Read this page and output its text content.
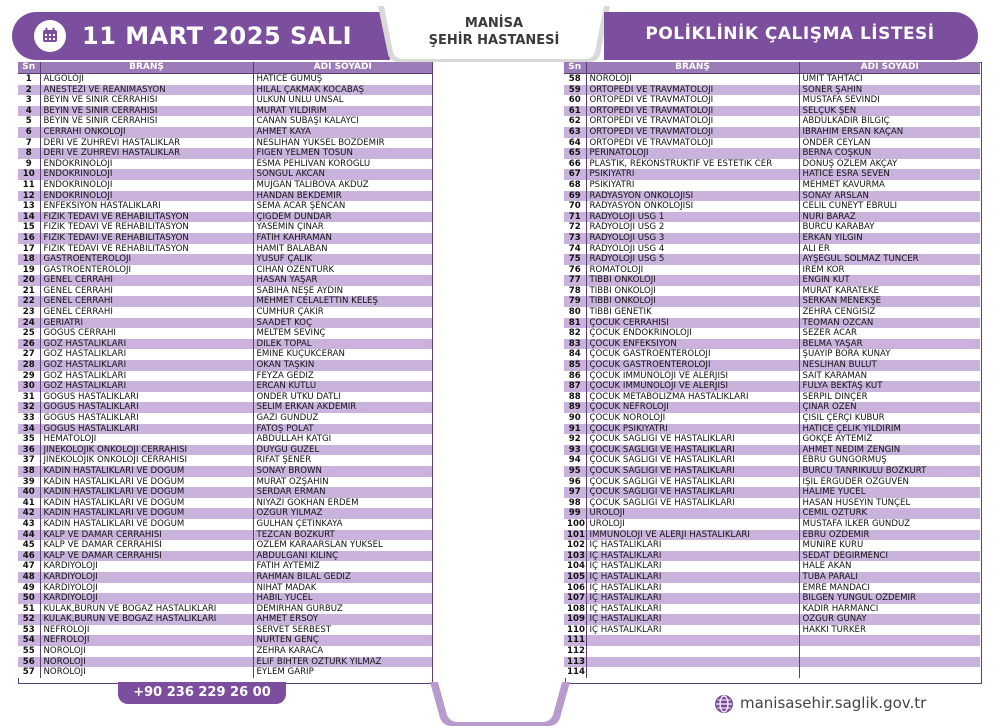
11 MART 2025 SALI	MANİSA
ŞEHİR HASTANESİ	POLİKLİNİK ÇALIŞMA LİSTESİ
Sn	BRANŞ	ADI SOYADI
1	ALGOLOJİ	HATİCE GÜMÜŞ
2	ANESTEZİ VE REANİMASYON	HİLAL ÇAKMAK KOCABAŞ
3	BEYİN VE SİNİR CERRAHİSİ	ÜLKÜN ÜNLÜ ÜNSAL
4	BEYİN VE SİNİR CERRAHİSİ	MURAT YILDIRIM
5	BEYİN VE SİNİR CERRAHİSİ	CANAN SUBAŞI KALAYCI
6	CERRAHİ ONKOLOJİ	AHMET KAYA
7	DERİ VE ZÜHREVİ HASTALIKLAR	NESLİHAN YÜKSEL BOZDEMİR
8	DERİ VE ZÜHREVİ HASTALIKLAR	FİGEN YELMEN TOSUN
9	ENDOKRİNOLOJİ	ESMA PEHLİVAN KÖROĞLU
10	ENDOKRİNOLOJİ	SONGÜL AKCAN
11	ENDOKRİNOLOJİ	MÜJGAN TALIBOVA AKDÜZ
12	ENDOKRİNOLOJİ	HANDAN BEKDEMİR
13	ENFEKSİYON HASTALIKLARI	SEMA ACAR ŞENCAN
14	FİZİK TEDAVİ VE REHABİLİTASYON	ÇİĞDEM DÜNDAR
15	FİZİK TEDAVİ VE REHABİLİTASYON	YASEMİN ÇINAR
16	FİZİK TEDAVİ VE REHABİLİTASYON	FATİH KAHRAMAN
17	FİZİK TEDAVİ VE REHABİLİTASYON	HAMİT BALABAN
18	GASTROENTEROLOJİ	YUSUF ÇALIK
19	GASTROENTEROLOJİ	CİHAN ÖZENTÜRK
20	GENEL CERRAHİ	HASAN YAŞAR
21	GENEL CERRAHİ	SABİHA NEŞE AYDIN
22	GENEL CERRAHİ	MEHMET CELALETTİN KELEŞ
23	GENEL CERRAHİ	CUMHUR ÇAKIR
24	GERİATRİ	SAADET KOÇ
25	GÖĞÜS CERRAHİ	MELTEM SEVİNÇ
26	GÖZ HASTALIKLARI	DİLEK TOPAL
27	GÖZ HASTALIKLARI	EMİNE KÜÇÜKCERAN
28	GÖZ HASTALIKLARI	OKAN TAŞKIN
29	GÖZ HASTALIKLARI	FEYZA GEDİZ
30	GÖZ HASTALIKLARI	ERCAN KUTLU
31	GÖĞÜS HASTALIKLARI	ÖNDER UTKU DATLI
32	GÖĞÜS HASTALIKLARI	SELİM ERKAN AKDEMİR
33	GÖĞÜS HASTALIKLARI	GAZİ GÜNDÜZ
34	GÖĞÜS HASTALIKLARI	FATOŞ POLAT
35	HEMATOLOJİ	ABDULLAH KATGI
36	JİNEKOLOJİK ONKOLOJİ CERRAHİSİ	DUYGU GÜZEL
37	JİNEKOLOJİK ONKOLOJİ CERRAHİSİ	RIFAT ŞENER
38	KADIN HASTALIKLARI VE DOĞUM	SONAY BROWN
39	KADIN HASTALIKLARI VE DOĞUM	MURAT ÖZŞAHİN
40	KADIN HASTALIKLARI VE DOĞUM	SERDAR ERMAN
41	KADIN HASTALIKLARI VE DOĞUM	NİYAZİ GÖKHAN ERDEM
42	KADIN HASTALIKLARI VE DOĞUM	ÖZGÜR YILMAZ
43	KADIN HASTALIKLARI VE DOĞUM	GÜLHAN ÇETİNKAYA
44	KALP VE DAMAR CERRAHİSİ	TEZCAN BOZKURT
45	KALP VE DAMAR CERRAHİSİ	ÖZLEM KARAARSLAN YÜKSEL
46	KALP VE DAMAR CERRAHİSİ	ABDULGANİ KILINÇ
47	KARDİYOLOJİ	FATİH AYTEMİZ
48	KARDİYOLOJİ	RAHMAN BİLAL GEDİZ
49	KARDİYOLOJİ	NİHAT MADAK
50	KARDİYOLOJİ	HABİL YÜCEL
51	KULAK,BURUN VE BOĞAZ HASTALIKLARI	DEMİRHAN GÜRBÜZ
52	KULAK,BURUN VE BOĞAZ HASTALIKLARI	AHMET ERSOY
53	NEFROLOJİ	SERVET SERBEST
54	NEFROLOJİ	NURTEN GENÇ
55	NÖROLOJİ	ZEHRA KARACA
56	NÖROLOJİ	ELİF BİHTER ÖZTÜRK YILMAZ
57	NÖROLOJİ	EYLEM GARİP
Sn	BRANŞ	ADI SOYADI
58	NÖROLOJİ	ÜMİT TAHTACI
59	ORTOPEDİ VE TRAVMATOLOJİ	SONER ŞAHİN
60	ORTOPEDİ VE TRAVMATOLOJİ	MUSTAFA SEVİNDİ
61	ORTOPEDİ VE TRAVMATOLOJİ	SELÇUK ŞEN
62	ORTOPEDİ VE TRAVMATOLOJİ	ABDULKADİR BİLGİÇ
63	ORTOPEDİ VE TRAVMATOLOJİ	İBRAHİM ERSAN KAÇAN
64	ORTOPEDİ VE TRAVMATOLOJİ	ÖNDER CEYLAN
65	PERİNATOLOJİ	BERNA COŞKUN
66	PLASTİK, REKONSTRÜKTİF VE ESTETİK CER	DÖNÜŞ ÖZLEM AKÇAY
67	PSİKİYATRİ	HATİCE ESRA SEVEN
68	PSİKİYATRİ	MEHMET KAVURMA
69	RADYASYON ONKOLOJİSİ	SONAY ARSLAN
70	RADYASYON ONKOLOJİSİ	CELİL CÜNEYT EBRULİ
71	RADYOLOJİ USG 1	NURİ BARAZ
72	RADYOLOJİ USG 2	BURCU KARABAY
73	RADYOLOJİ USG 3	ERKAN YILGIN
74	RADYOLOJİ USG 4	ALİ ER
75	RADYOLOJİ USG 5	AYŞEGÜL SOLMAZ TUNCER
76	ROMATOLOJİ	İREM KOR
77	TIBBİ ONKOLOJİ	ENGİN KUT
78	TIBBİ ONKOLOJİ	MURAT KARATEKE
79	TIBBİ ONKOLOJİ	SERKAN MENEKŞE
80	TIBBİ GENETİK	ZEHRA CENGİSİZ
81	ÇOCUK CERRAHİSİ	TEOMAN ÖZCAN
82	ÇOCUK ENDOKRİNOLOJİ	SEZER ACAR
83	ÇOCUK ENFEKSİYON	BELMA YAŞAR
84	ÇOCUK GASTROENTEROLOJİ	ŞUAYİP BORA KUNAY
85	ÇOCUK GASTROENTEROLOJİ	NESLİHAN BULUT
86	ÇOCUK İMMUNOLOJİ VE ALERJİSİ	SAİT KARAMAN
87	ÇOCUK İMMUNOLOJİ VE ALERJİSİ	FULYA BEKTAŞ KUT
88	ÇOCUK METABOLİZMA HASTALIKLARI	SERPİL DİNÇER
89	ÇOCUK NEFROLOJİ	ÇINAR ÖZEN
90	ÇOCUK NÖROLOJİ	ÇİSİL ÇERÇİ KUBUR
91	ÇOCUK PSİKİYATRİ	HATİCE ÇELİK YILDIRIM
92	ÇOCUK SAĞLIĞI VE HASTALIKLARI	GÖKÇE AYTEMİZ
93	ÇOCUK SAĞLIĞI VE HASTALIKLARI	AHMET NEDİM ZENGİN
94	ÇOCUK SAĞLIĞI VE HASTALIKLARI	EBRU GÜNGÖRMÜŞ
95	ÇOCUK SAĞLIĞI VE HASTALIKLARI	BURCU TANRIKULU BOZKURT
96	ÇOCUK SAĞLIĞI VE HASTALIKLARI	IŞIL ERGÜDER ÖZGÜVEN
97	ÇOCUK SAĞLIĞI VE HASTALIKLARI	HALİME YÜCEL
98	ÇOCUK SAĞLIĞI VE HASTALIKLARI	HASAN HÜSEYİN TUNÇEL
99	ÜROLOJİ	CEMİL ÖZTÜRK
100	ÜROLOJİ	MUSTAFA İLKER GÜNDÜZ
101	İMMÜNOLOJİ VE ALERJİ HASTALIKLARI	EBRU ÖZDEMİR
102	İÇ HASTALIKLARI	MÜNİRE KURU
103	İÇ HASTALIKLARI	SEDAT DEĞİRMENCİ
104	İÇ HASTALIKLARI	HALE AKAN
105	İÇ HASTALIKLARI	TUBA PARALI
106	İÇ HASTALIKLARI	EMRE MANDACI
107	İÇ HASTALIKLARI	BİLGEN YÜNGÜL ÖZDEMİR
108	İÇ HASTALIKLARI	KADİR HARMANCI
109	İÇ HASTALIKLARI	ÖZGÜR GÜNAY
110	İÇ HASTALIKLARI	HAKKI TÜRKER
111		
112		
113		
114		
+90 236 229 26 00
manisasehir.saglik.gov.tr
